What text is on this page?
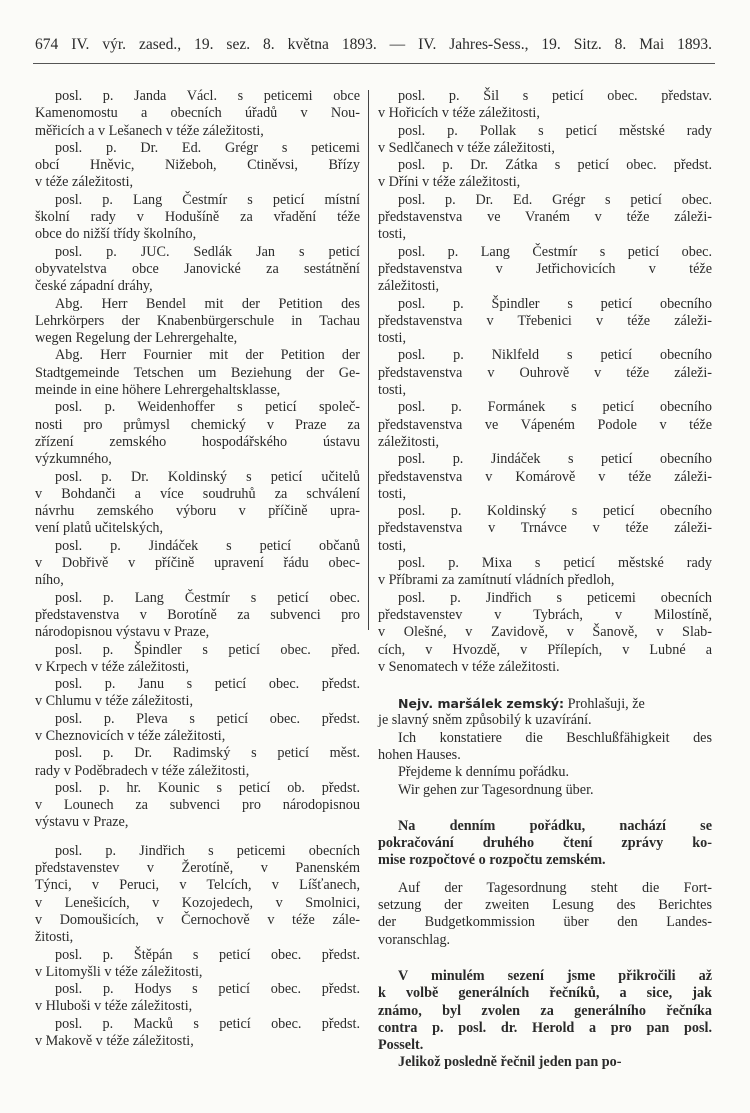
674 IV. výr. zased., 19. sez. 8. května 1893. — IV. Jahres-Sess., 19. Sitz. 8. Mai 1893.
posl. p. Janda Václ. s peticemi obce
Kamenomostu a obecních úřadů v Nou-
měřicích a v Lešanech v téže záležitosti,
posl. p. Dr. Ed. Grégr s peticemi
obcí Hněvic, Nižeboh, Ctiněvsi, Břízy
v téže záležitosti,
posl. p. Lang Čestmír s peticí místní
školní rady v Hodušíně za vřadění téže
obce do nižší třídy školního,
posl. p. JUC. Sedlák Jan s peticí
obyvatelstva obce Janovické za sestátnění
české západní dráhy,
Abg. Herr Bendel mit der Petition des
Lehrkörpers der Knabenbürgerschule in Tachau
wegen Regelung der Lehrergehalte,
Abg. Herr Fournier mit der Petition der
Stadtgemeinde Tetschen um Beziehung der Ge-
meinde in eine höhere Lehrergehaltsklasse,
posl. p. Weidenhoffer s peticí společ-
nosti pro průmysl chemický v Praze za
zřízení zemského hospodářského ústavu
výzkumného,
posl. p. Dr. Koldinský s peticí učitelů
v Bohdanči a více soudruhů za schválení
návrhu zemského výboru v příčině upra-
vení platů učitelských,
posl. p. Jindáček s peticí občanů
v Dobřivě v příčině upravení řádu obec-
ního,
posl. p. Lang Čestmír s peticí obec.
představenstva v Borotíně za subvenci pro
národopisnou výstavu v Praze,
posl. p. Špindler s peticí obec. před.
v Krpech v téže záležitosti,
posl. p. Janu s peticí obec. předst.
v Chlumu v téže záležitosti,
posl. p. Pleva s peticí obec. předst.
v Cheznovicích v téže záležitosti,
posl. p. Dr. Radimský s peticí měst.
rady v Poděbradech v téže záležitosti,
posl. p. hr. Kounic s peticí ob. předst.
v Lounech za subvenci pro národopisnou
výstavu v Praze,
posl. p. Jindřich s peticemi obecních
představenstev v Žerotíně, v Panenském
Týnci, v Peruci, v Telcích, v Líšťanech,
v Lenešicích, v Kozojedech, v Smolnici,
v Domoušicích, v Černochově v téže zále-
žitosti,
posl. p. Štěpán s peticí obec. předst.
v Litomyšli v téže záležitosti,
posl. p. Hodys s peticí obec. předst.
v Hluboši v téže záležitosti,
posl. p. Macků s peticí obec. předst.
v Makově v téže záležitosti,
posl. p. Šil s peticí obec. představ.
v Hořicích v téže záležitosti,
posl. p. Pollak s peticí městské rady
v Sedlčanech v téže záležitosti,
posl. p. Dr. Zátka s peticí obec. předst.
v Dříni v téže záležitosti,
posl. p. Dr. Ed. Grégr s peticí obec.
představenstva ve Vraném v téže záleži-
tosti,
posl. p. Lang Čestmír s peticí obec.
představenstva v Jetřichovicích v téže
záležitosti,
posl. p. Špindler s peticí obecního
představenstva v Třebenici v téže záleži-
tosti,
posl. p. Niklfeld s peticí obecního
představenstva v Ouhrově v téže záleži-
tosti,
posl. p. Formánek s peticí obecního
představenstva ve Vápeném Podole v téže
záležitosti,
posl. p. Jindáček s peticí obecního
představenstva v Komárově v téže záleži-
tosti,
posl. p. Koldinský s peticí obecního
představenstva v Trnávce v téže záleži-
tosti,
posl. p. Mixa s peticí městské rady
v Příbrami za zamítnutí vládních předloh,
posl. p. Jindřich s peticemi obecních
představenstev v Tybrách, v Milostíně,
v Olešné, v Zavidově, v Šanově, v Slab-
cích, v Hvozdě, v Přílepích, v Lubné a
v Senomatech v téže záležitosti.
Nejv. maršálek zemský: Prohlašuji, že
je slavný sněm způsobilý k uzavírání.
Ich konstatiere die Beschlußfähigkeit des
hohen Hauses.
Přejdeme k dennímu pořádku.
Wir gehen zur Tagesordnung über.
Na denním pořádku, nachází se
pokračování druhého čtení zprávy ko-
mise rozpočtové o rozpočtu zemském.
Auf der Tagesordnung steht die Fort-
setzung der zweiten Lesung des Berichtes
der Budgetkommission über den Landes-
voranschlag.
V minulém sezení jsme přikročili až
k volbě generálních řečníků, a sice, jak
známo, byl zvolen za generálního řečníka
contra p. posl. dr. Herold a pro pan posl.
Posselt.
Jelikož posledně řečnil jeden pan po-
